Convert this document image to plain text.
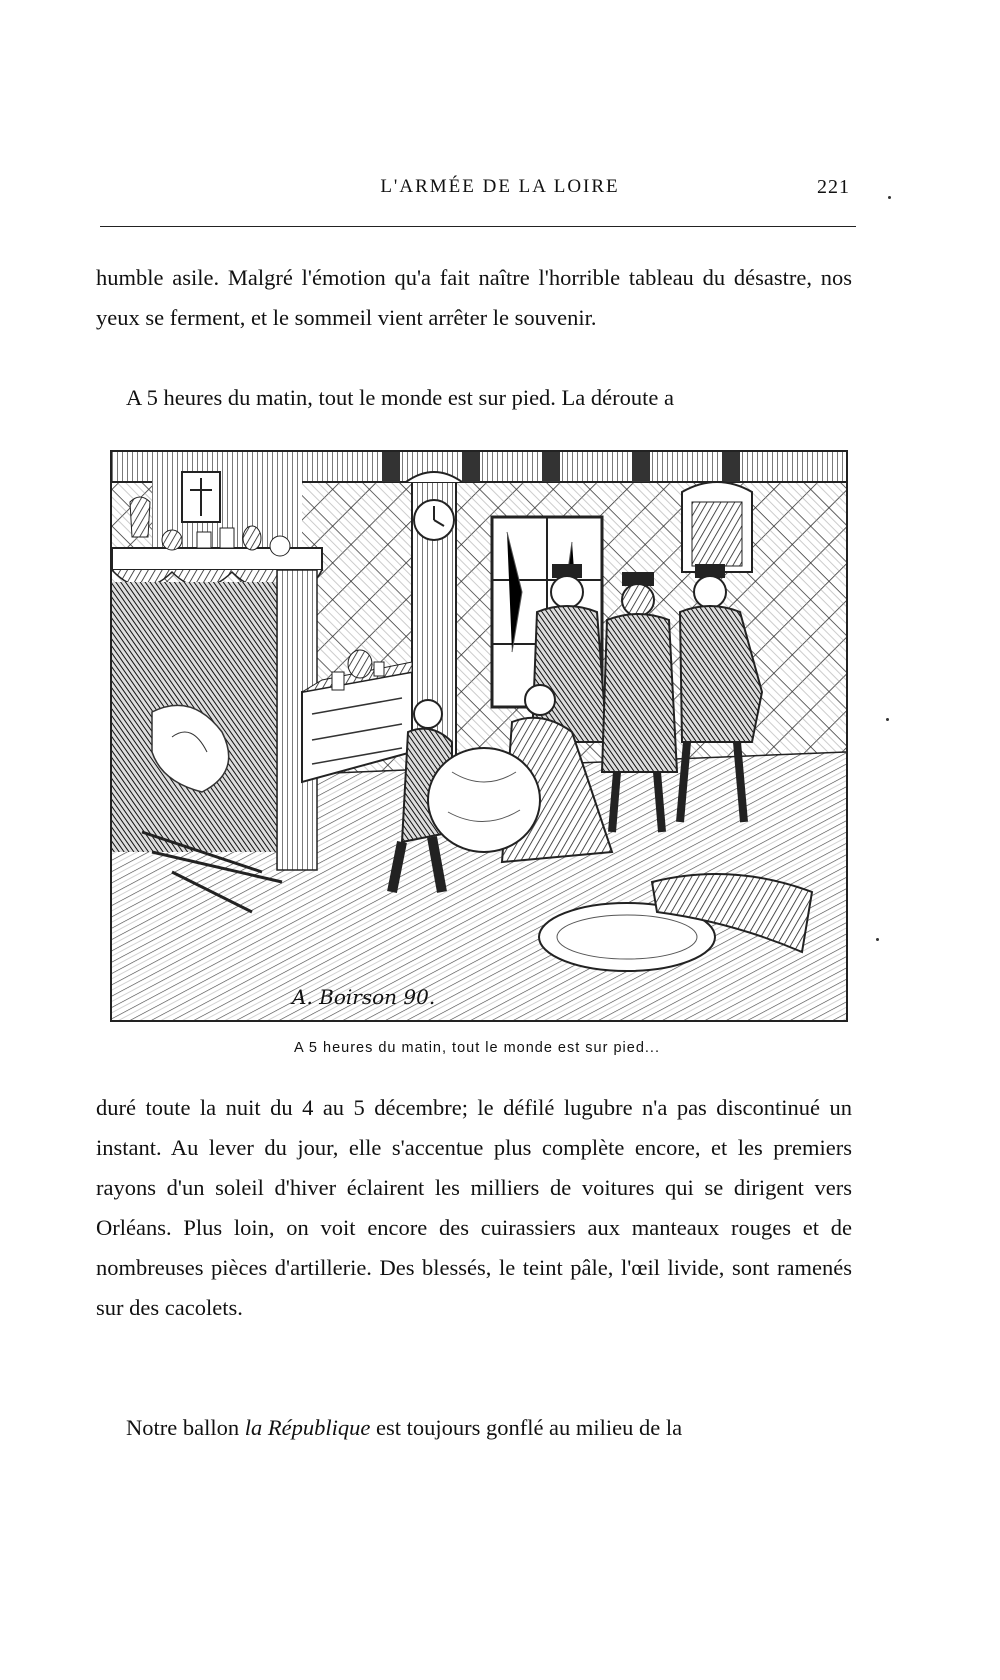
L'ARMÉE DE LA LOIRE	221

humble asile. Malgré l'émotion qu'a fait naître l'horrible tableau du désastre, nos yeux se ferment, et le sommeil vient arrêter le souvenir.

A 5 heures du matin, tout le monde est sur pied. La déroute a

A. Boirson 90.
A 5 heures du matin, tout le monde est sur pied...

duré toute la nuit du 4 au 5 décembre; le défilé lugubre n'a pas discontinué un instant. Au lever du jour, elle s'accentue plus complète encore, et les premiers rayons d'un soleil d'hiver éclairent les milliers de voitures qui se dirigent vers Orléans. Plus loin, on voit encore des cuirassiers aux manteaux rouges et de nombreuses pièces d'artillerie. Des blessés, le teint pâle, l'œil livide, sont ramenés sur des cacolets.

Notre ballon la République est toujours gonflé au milieu de la
